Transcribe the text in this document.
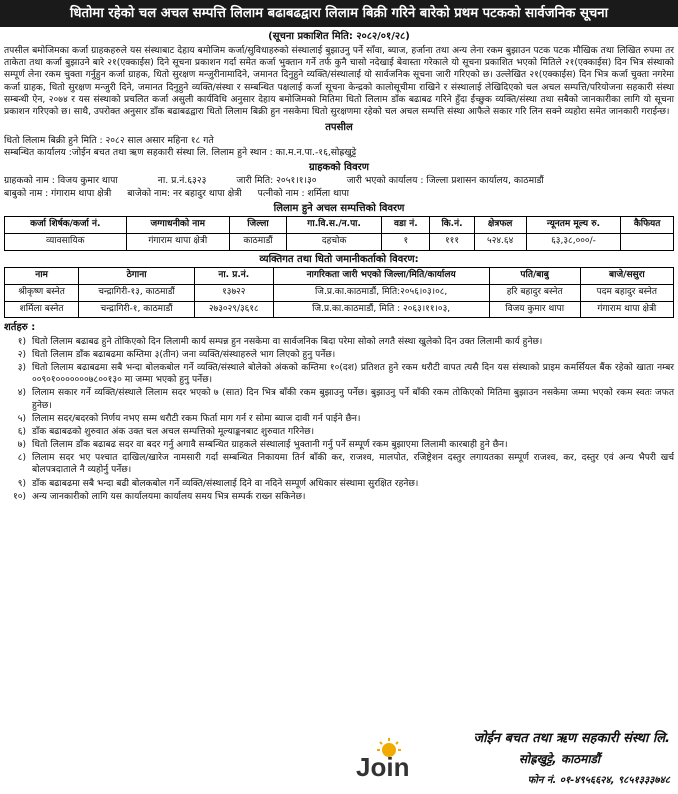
धितोमा रहेको चल अचल सम्पत्ति लिलाम बढाबढद्वारा लिलाम बिक्री गरिने बारेको प्रथम पटकको सार्वजनिक सूचना
(सूचना प्रकाशित मिति: २०८२/०१/२८)

तपसील बमोजिमका कर्जा ग्राहकहरुले यस संस्थाबाट देहाय बमोजिम कर्जा/सुविधाहरुको संस्थालाई बुझाउनु पर्ने साँवा, ब्याज, हर्जाना तथा अन्य लेना रकम बुझाउन पटक पटक मौखिक तथा लिखित रुपमा तर ताकेता तथा कर्जा बुझाउने बारे २१(एक्काईस) दिने सूचना प्रकाशन गर्दा समेत कर्जा भुक्तान गर्ने तर्फ कुनै चासो नदेखाई बेवास्ता गरेकाले यो सूचना प्रकाशित भएको मितिले २१(एक्काईस) दिन भित्र संस्थाको सम्पूर्ण लेना रकम चुक्ता गर्नुहुन कर्जा ग्राहक, धितो सुरक्षण मन्जुरीनामादिने, जमानत दिनुहुने व्यक्ति/संस्थालाई यो सार्वजनिक सूचना जारी गरिएको छ। उल्लेखित २१(एक्काईस) दिन भित्र कर्जा चुक्ता नगरेमा कर्जा ग्राहक, धितो सुरक्षण मन्जुरी दिने, जमानत दिनुहुने व्यक्ति/संस्था र सम्बन्धित पक्षलाई कर्जा सूचना केन्द्रको कालोसूचीमा राखिने र संस्थालाई लेखिदिएको चल अचल सम्पत्ति/परियोजना सहकारी संस्था सम्बन्धी ऐन, २०७४ र यस संस्थाको प्रचलित कर्जा असुली कार्यविधि अनुसार देहाय बमोजिमको मितिमा धितो लिलाम डाँक बढाबढ गरिने हुँदा ईच्छुक व्यक्ति/संस्था तथा सबैको जानकारीका लागि यो सूचना प्रकाशन गरिएको छ। साथै, उपरोक्त अनुसार डाँक बढाबढद्वारा धितो लिलाम बिक्री हुन नसकेमा धितो सुरक्षणमा रहेको चल अचल सम्पत्ति संस्था आफैले सकार गरि लिन सक्ने व्यहोरा समेत जानकारी गराईन्छ।

तपसील

धितो लिलाम बिक्री हुने मिति : २०८२ साल असार महिना १८ गते

सम्बन्धित कार्यालय :जोईन बचत तथा ऋण सहकारी संस्था लि. लिलाम हुने स्थान : का.म.न.पा.-१६,सोह्रखुट्टे

ग्राहकको विवरण
ग्राहकको नाम : विजय कुमार थापा	ना. प्र.नं.६३२३	जारी मिति: २०५१।१।३०	जारी भएको कार्यालय : जिल्ला प्रशासन कार्यालय, काठमाडौं
बाबुको नाम : गंगाराम थापा क्षेत्री बाजेको नाम: नर बहादुर थापा क्षेत्री पत्नीको नाम : शर्मिला थापा
लिलाम हुने अचल सम्पत्तिको विवरण
कर्जा शिर्षक/कर्जा नं.	जग्गाधनीको नाम	जिल्ला	गा.वि.स./न.पा.	वडा नं.	कि.नं.	क्षेत्रफल	न्यूनतम मूल्य रु.	कैफियत
व्यावसायिक	गंगाराम थापा क्षेत्री	काठमाडौं	दहचोक	१	१११	५२४.६४	६३,३८,०००/-	
व्यक्तिगत तथा धितो जमानीकर्ताको विवरण:
नाम	ठेगाना	ना. प्र.नं.	नागरिकता जारी भएको जिल्ला/मिति/कार्यालय	पति/बाबु	बाजे/ससुरा
श्रीकृष्ण बस्नेत	चन्द्रागिरी-१३, काठमाडौं	१३७२२	जि.प्र.का.काठमाडौं, मिति:२०५६।०३।०८,	हरि बहादुर बस्नेत	पदम बहादुर बस्नेत
शर्मिला बस्नेत	चन्द्रागिरी-१, काठमाडौं	२७३०२९/३६१८	जि.प्र.का.काठमाडौं, मिति : २०६३।११।०३,	विजय कुमार थापा	गंगाराम थापा क्षेत्री
शर्तहरु :
१) धितो लिलाम बढाबढ हुने तोकिएको दिन लिलामी कार्य सम्पन्न हुन नसकेमा वा सार्वजनिक बिदा परेमा सोको लगतै संस्था खुलेको दिन उक्त लिलामी कार्य हुनेछ।
२) धितो लिलाम डाँक बढाबढमा कम्तिमा ३(तीन) जना व्यक्ति/संस्थाहरुले भाग लिएको हुनु पर्नेछ।
३) धितो लिलाम बढाबढमा सबै भन्दा बोलकबोल गर्ने व्यक्ति/संस्थाले बोलेको अंकको कम्तिमा १०(दश) प्रतिशत हुने रकम धरौटी वापत त्यसै दिन यस संस्थाको प्राइम कमर्सियल बैंक रहेको खाता नम्बर ००९०१०००००००७८००१३० मा जम्मा भएको हुनु पर्नेछ।
४) लिलाम सकार गर्ने व्यक्ति/संस्थाले लिलाम सदर भएको ७ (सात) दिन भित्र बाँकी रकम बुझाउनु पर्नेछ। बुझाउनु पर्ने बाँकी रकम तोकिएको मितिमा बुझाउन नसकेमा जम्मा भएको रकम स्वतः जफत हुनेछ।
५) लिलाम सदर/बदरको निर्णय नभए सम्म धरौटी रकम फिर्ता माग गर्न र सोमा ब्याज दावी गर्न पाईने छैन।
६) डाँक बढाबढको शुरुवात अंक उक्त चल अचल सम्पत्तिको मूल्याङ्कनबाट शुरुवात गरिनेछ।
७) धितो लिलाम डाँक बढाबढ सदर वा बदर गर्नु अगावै सम्बन्धित ग्राहकले संस्थालाई भुक्तानी गर्नु पर्ने सम्पूर्ण रकम बुझाएमा लिलामी कारबाही हुने छैन।
८) लिलाम सदर भए पश्चात दाखिल/खारेज नामसारी गर्दा सम्बन्धित निकायमा तिर्न बाँकी कर, राजश्व, मालपोत, रजिष्ट्रेशन दस्तुर लगायतका सम्पूर्ण राजश्व, कर, दस्तुर एवं अन्य भैपरी खर्च बोलपत्रदाताले नै व्यहोर्नु पर्नेछ।
९) डाँक बढाबढमा सबै भन्दा बढी बोलकबोल गर्ने व्यक्ति/संस्थालाई दिने वा नदिने सम्पूर्ण अधिकार संस्थामा सुरक्षित रहनेछ।
१०) अन्य जानकारीको लागि यस कार्यालयमा कार्यालय समय भित्र सम्पर्क राख्न सकिनेछ।
Join
जोईन बचत तथा ऋण सहकारी संस्था लि.
सोह्रखुट्टे, काठमाडौं
फोन नं. ०१-४९५६६२४, ९८५१३३३७४८
